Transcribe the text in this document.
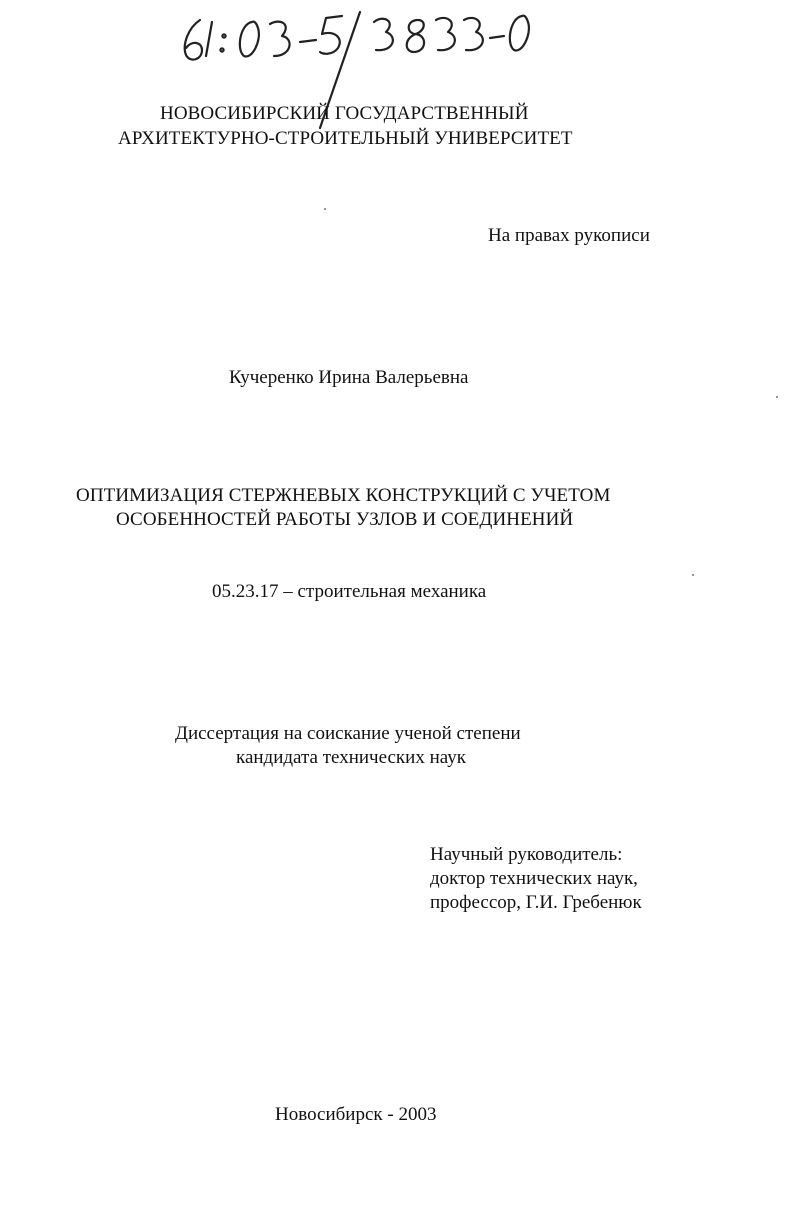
НОВОСИБИРСКИЙ ГОСУДАРСТВЕННЫЙ
АРХИТЕКТУРНО-СТРОИТЕЛЬНЫЙ УНИВЕРСИТЕТ
На правах рукописи
Кучеренко Ирина Валерьевна
ОПТИМИЗАЦИЯ СТЕРЖНЕВЫХ КОНСТРУКЦИЙ С УЧЕТОМ
ОСОБЕННОСТЕЙ РАБОТЫ УЗЛОВ И СОЕДИНЕНИЙ
05.23.17 – строительная механика
Диссертация на соискание ученой степени
кандидата технических наук
Научный руководитель:
доктор технических наук,
профессор, Г.И. Гребенюк
Новосибирск - 2003
